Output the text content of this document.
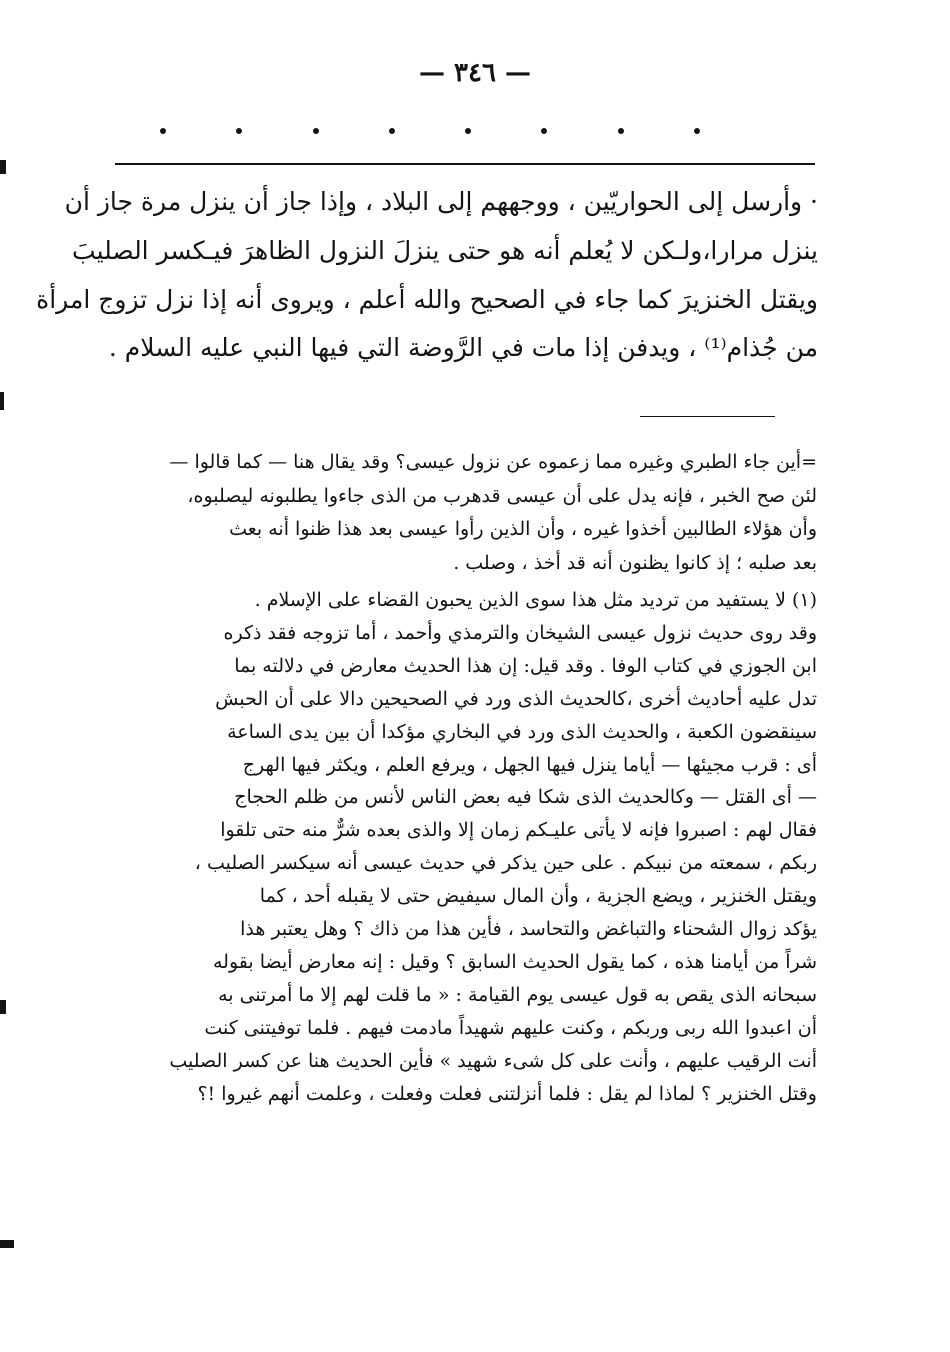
— ٣٤٦ —
· وأرسل إلى الحواريّين ، ووجههم إلى البلاد ، وإذا جاز أن ينزل مرة جاز أن
ينزل مرارا،ولـكن لا يُعلم أنه هو حتى ينزلَ النزول الظاهرَ فيـكسر الصليبَ
ويقتل الخنزيرَ كما جاء في الصحيح والله أعلم ، ويروى أنه إذا نزل تزوج امرأة
من جُذام⁽¹⁾ ، ويدفن إذا مات في الرَّوضة التي فيها النبي عليه السلام .
=أين جاء الطبري وغيره مما زعموه عن نزول عيسى؟ وقد يقال هنا — كما قالوا —
لئن صح الخبر ، فإنه يدل على أن عيسى قدهرب من الذى جاءوا يطلبونه ليصلبوه،
وأن هؤلاء الطالبين أخذوا غيره ، وأن الذين رأوا عيسى بعد هذا ظنوا أنه بعث
بعد صلبه ؛ إذ كانوا يظنون أنه قد أخذ ، وصلب .
(١) لا يستفيد من ترديد مثل هذا سوى الذين يحبون القضاء على الإسلام .
وقد روى حديث نزول عيسى الشيخان والترمذي وأحمد ، أما تزوجه فقد ذكره
ابن الجوزي في كتاب الوفا . وقد قيل: إن هذا الحديث معارض في دلالته بما
تدل عليه أحاديث أخرى ،كالحديث الذى ورد في الصحيحين دالا على أن الحبش
سينقضون الكعبة ، والحديث الذى ورد في البخاري مؤكدا أن بين يدى الساعة
أى : قرب مجيئها — أياما ينزل فيها الجهل ، ويرفع العلم ، ويكثر فيها الهرج
— أى القتل — وكالحديث الذى شكا فيه بعض الناس لأنس من ظلم الحجاج
فقال لهم : اصبروا فإنه لا يأتى عليـكم زمان إلا والذى بعده شرٌّ منه حتى تلقوا
ربكم ، سمعته من نبيكم . على حين يذكر في حديث عيسى أنه سيكسر الصليب ،
ويقتل الخنزير ، ويضع الجزية ، وأن المال سيفيض حتى لا يقبله أحد ، كما
يؤكد زوال الشحناء والتباغض والتحاسد ، فأين هذا من ذاك ؟ وهل يعتبر هذا
شراً من أيامنا هذه ، كما يقول الحديث السابق ؟ وقيل : إنه معارض أيضا بقوله
سبحانه الذى يقص به قول عيسى يوم القيامة : « ما قلت لهم إلا ما أمرتنى به
أن اعبدوا الله ربى وربكم ، وكنت عليهم شهيداً مادمت فيهم . فلما توفيتنى كنت
أنت الرقيب عليهم ، وأنت على كل شىء شهيد » فأين الحديث هنا عن كسر الصليب
وقتل الخنزير ؟ لماذا لم يقل : فلما أنزلتنى فعلت وفعلت ، وعلمت أنهم غيروا !؟
